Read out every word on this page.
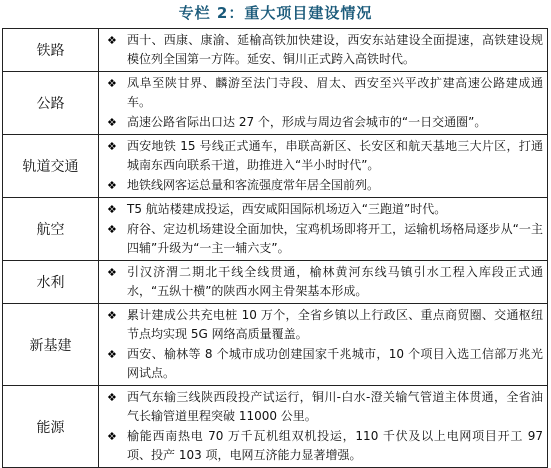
专栏 2：重大项目建设情况
铁路	❖ 西十、西康、康渝、延榆高铁加快建设，西安东站建设全面提速，高铁建设规模位列全国第一方阵。延安、铜川正式跨入高铁时代。

公路	❖ 凤阜至陕甘界、麟游至法门寺段、眉太、西安至兴平改扩建高速公路建成通车。
❖ 高速公路省际出口达 27 个，形成与周边省会城市的“一日交通圈”。

轨道交通	❖ 西安地铁 15 号线正式通车，串联高新区、长安区和航天基地三大片区，打通城南东西向联系干道，助推进入“半小时时代”。
❖ 地铁线网客运总量和客流强度常年居全国前列。

航空	❖ T5 航站楼建成投运，西安咸阳国际机场迈入“三跑道”时代。
❖ 府谷、定边机场建设全面加快，宝鸡机场即将开工，运输机场格局逐步从“一主四辅”升级为“一主一辅六支”。

水利	❖ 引汉济渭二期北干线全线贯通，榆林黄河东线马镇引水工程入库段正式通水，“五纵十横”的陕西水网主骨架基本形成。

新基建	❖ 累计建成公共充电桩 10 万个，全省乡镇以上行政区、重点商贸圈、交通枢纽节点均实现 5G 网络高质量覆盖。
❖ 西安、榆林等 8 个城市成功创建国家千兆城市，10 个项目入选工信部万兆光网试点。

能源	❖ 西气东输三线陕西段投产试运行，铜川-白水-澄关输气管道主体贯通，全省油气长输管道里程突破 11000 公里。
❖ 榆能西南热电 70 万千瓦机组双机投运，110 千伏及以上电网项目开工 97 项、投产 103 项，电网互济能力显著增强。
